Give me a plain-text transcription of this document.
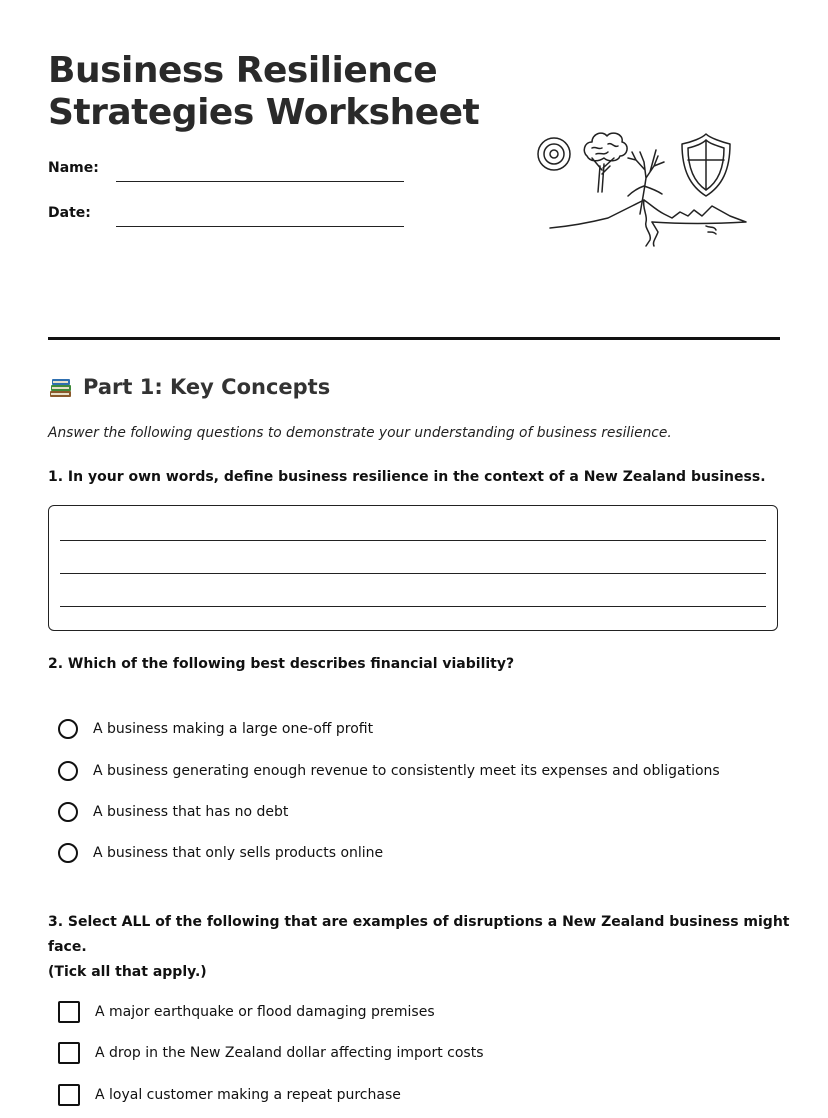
Business Resilience
Strategies Worksheet
Name:
Date:
Part 1: Key Concepts
Answer the following questions to demonstrate your understanding of business resilience.
1. In your own words, define business resilience in the context of a New Zealand business.
2. Which of the following best describes financial viability?
A business making a large one-off profit
A business generating enough revenue to consistently meet its expenses and obligations
A business that has no debt
A business that only sells products online
3. Select ALL of the following that are examples of disruptions a New Zealand business might face.
(Tick all that apply.)
A major earthquake or flood damaging premises
A drop in the New Zealand dollar affecting import costs
A loyal customer making a repeat purchase
